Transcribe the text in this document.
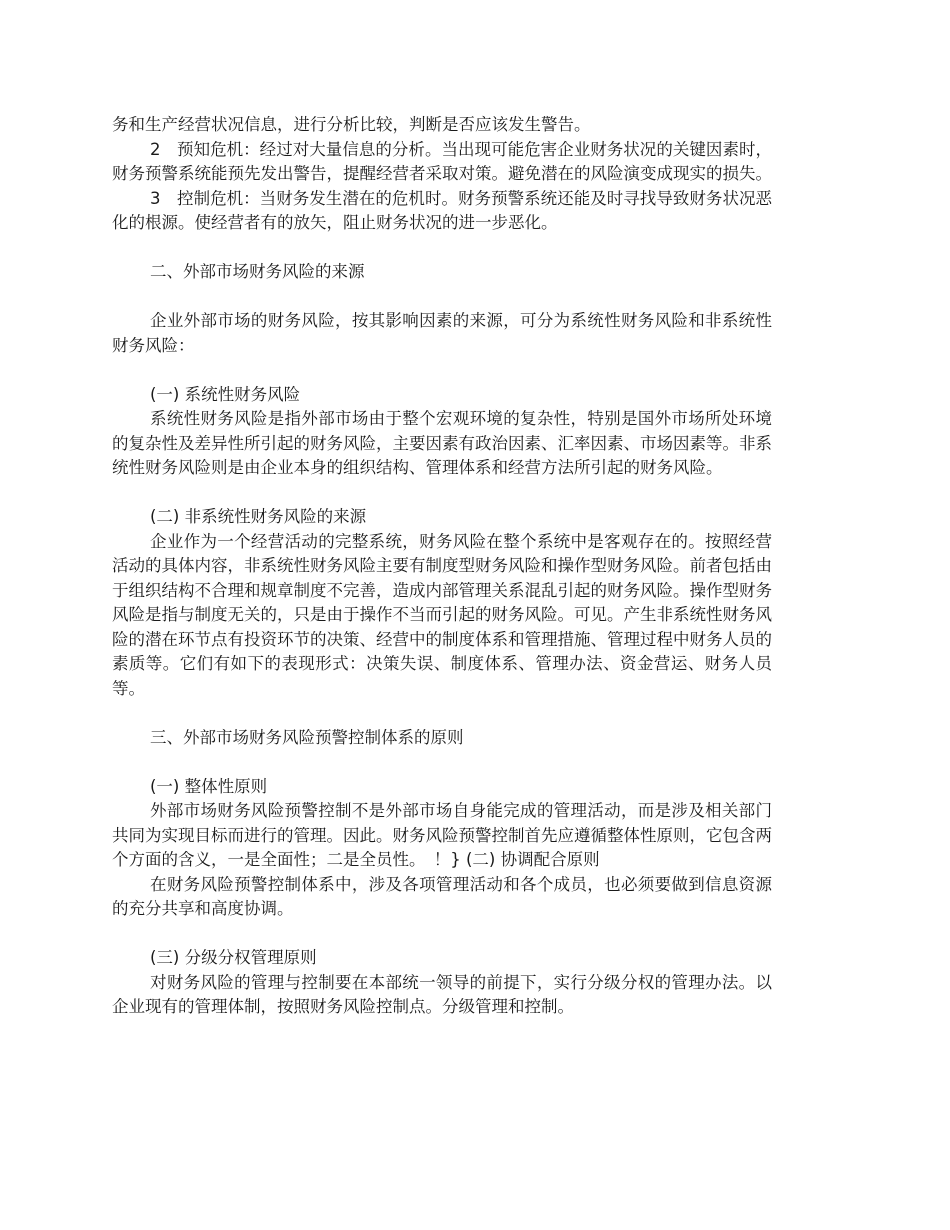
务和生产经营状况信息，进行分析比较，判断是否应该发生警告。

2　预知危机：经过对大量信息的分析。当出现可能危害企业财务状况的关键因素时，财务预警系统能预先发出警告，提醒经营者采取对策。避免潜在的风险演变成现实的损失。

3　控制危机：当财务发生潜在的危机时。财务预警系统还能及时寻找导致财务状况恶化的根源。使经营者有的放矢，阻止财务状况的进一步恶化。

二、外部市场财务风险的来源

企业外部市场的财务风险，按其影响因素的来源，可分为系统性财务风险和非系统性财务风险：

(一) 系统性财务风险

系统性财务风险是指外部市场由于整个宏观环境的复杂性，特别是国外市场所处环境的复杂性及差异性所引起的财务风险，主要因素有政治因素、汇率因素、市场因素等。非系统性财务风险则是由企业本身的组织结构、管理体系和经营方法所引起的财务风险。

(二) 非系统性财务风险的来源

企业作为一个经营活动的完整系统，财务风险在整个系统中是客观存在的。按照经营活动的具体内容，非系统性财务风险主要有制度型财务风险和操作型财务风险。前者包括由于组织结构不合理和规章制度不完善，造成内部管理关系混乱引起的财务风险。操作型财务风险是指与制度无关的，只是由于操作不当而引起的财务风险。可见。产生非系统性财务风险的潜在环节点有投资环节的决策、经营中的制度体系和管理措施、管理过程中财务人员的素质等。它们有如下的表现形式：决策失误、制度体系、管理办法、资金营运、财务人员等。

三、外部市场财务风险预警控制体系的原则

(一) 整体性原则

外部市场财务风险预警控制不是外部市场自身能完成的管理活动，而是涉及相关部门共同为实现目标而进行的管理。因此。财务风险预警控制首先应遵循整体性原则，它包含两个方面的含义，一是全面性；二是全员性。　！} (二) 协调配合原则

在财务风险预警控制体系中，涉及各项管理活动和各个成员，也必须要做到信息资源的充分共享和高度协调。

(三) 分级分权管理原则

对财务风险的管理与控制要在本部统一领导的前提下，实行分级分权的管理办法。以企业现有的管理体制，按照财务风险控制点。分级管理和控制。
